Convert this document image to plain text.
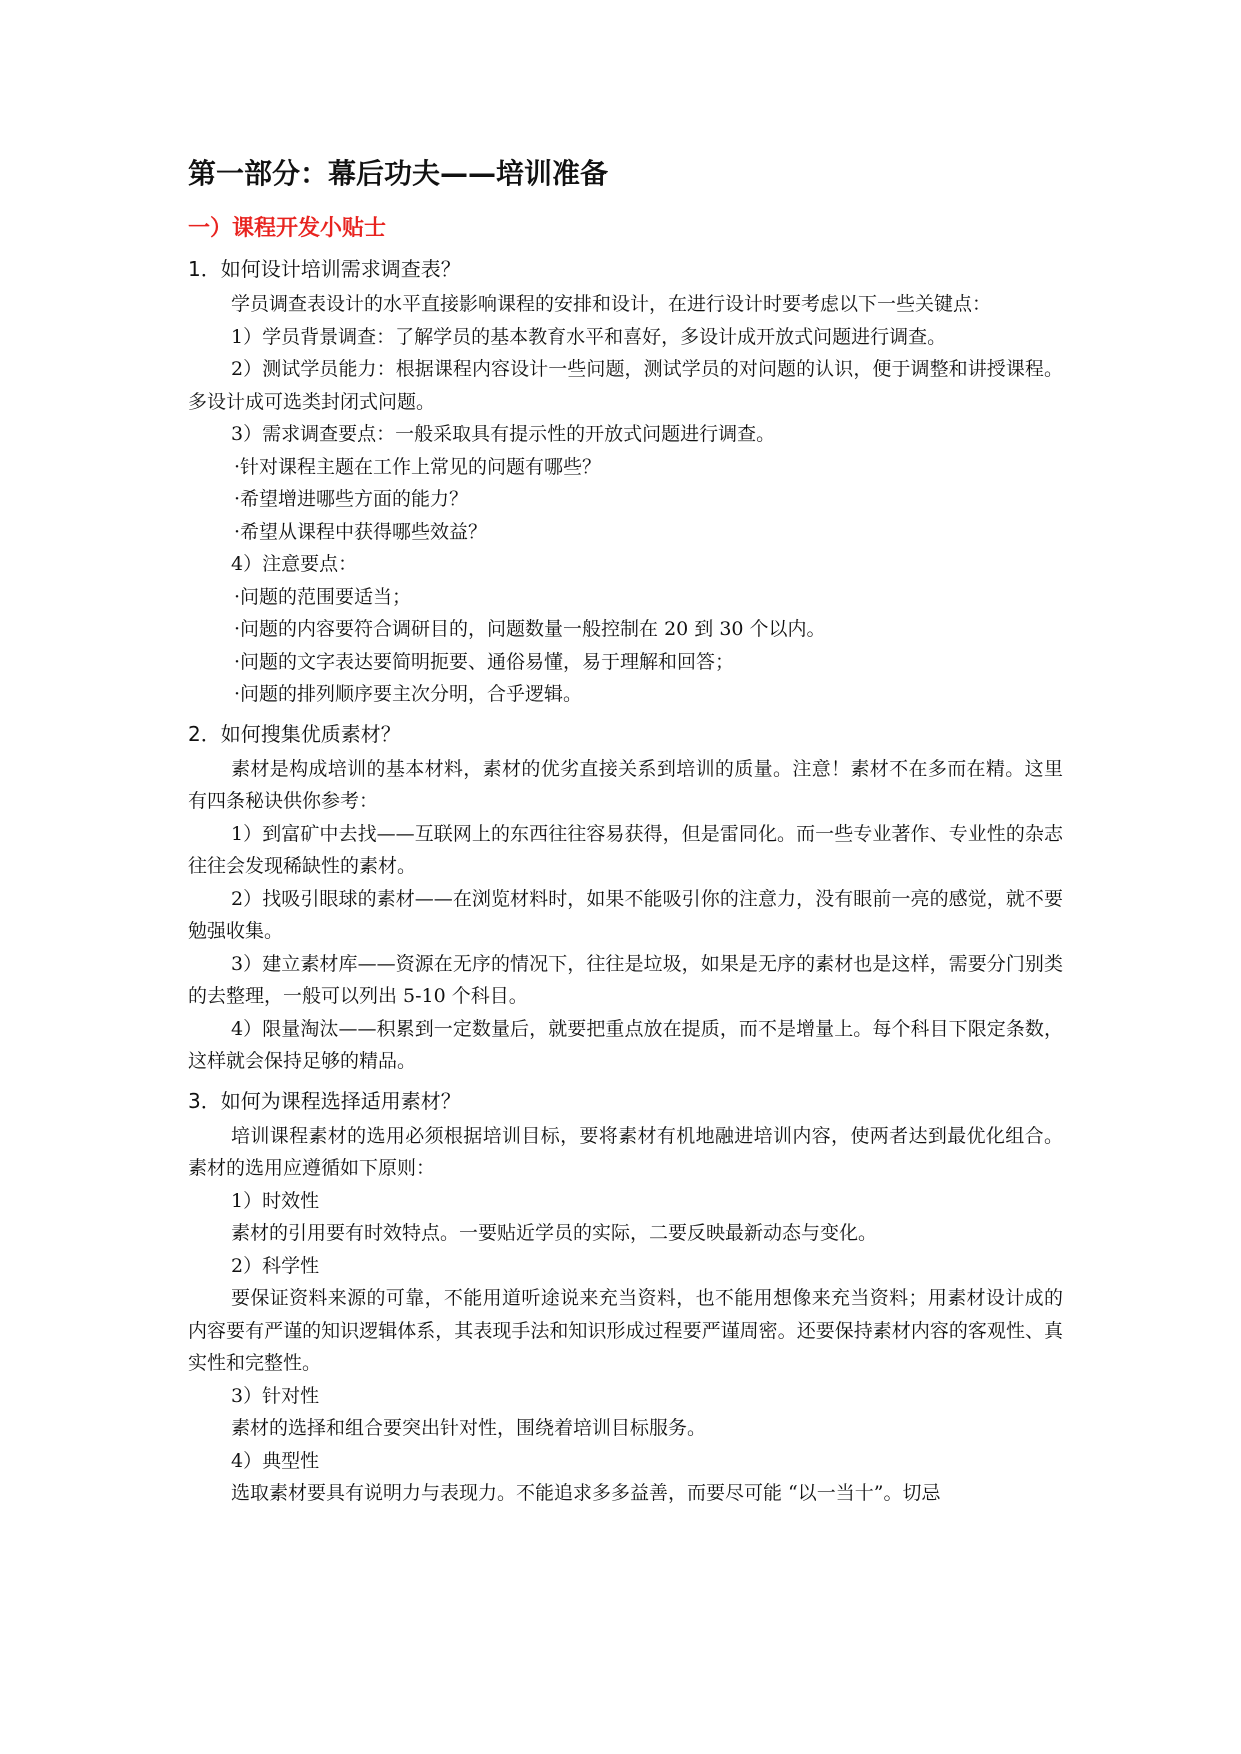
第一部分：幕后功夫——培训准备
一）课程开发小贴士
1．如何设计培训需求调查表？

学员调查表设计的水平直接影响课程的安排和设计，在进行设计时要考虑以下一些关键点：

1）学员背景调查：了解学员的基本教育水平和喜好，多设计成开放式问题进行调查。

2）测试学员能力：根据课程内容设计一些问题，测试学员的对问题的认识，便于调整和讲授课程。多设计成可选类封闭式问题。

3）需求调查要点：一般采取具有提示性的开放式问题进行调查。

·针对课程主题在工作上常见的问题有哪些？

·希望增进哪些方面的能力？

·希望从课程中获得哪些效益？

4）注意要点：

·问题的范围要适当；

·问题的内容要符合调研目的，问题数量一般控制在 20 到 30 个以内。

·问题的文字表达要简明扼要、通俗易懂，易于理解和回答；

·问题的排列顺序要主次分明，合乎逻辑。

2．如何搜集优质素材？

素材是构成培训的基本材料，素材的优劣直接关系到培训的质量。注意！素材不在多而在精。这里有四条秘诀供你参考：

1）到富矿中去找——互联网上的东西往往容易获得，但是雷同化。而一些专业著作、专业性的杂志往往会发现稀缺性的素材。

2）找吸引眼球的素材——在浏览材料时，如果不能吸引你的注意力，没有眼前一亮的感觉，就不要勉强收集。

3）建立素材库——资源在无序的情况下，往往是垃圾，如果是无序的素材也是这样，需要分门别类的去整理，一般可以列出 5-10 个科目。

4）限量淘汰——积累到一定数量后，就要把重点放在提质，而不是增量上。每个科目下限定条数，这样就会保持足够的精品。

3．如何为课程选择适用素材？

培训课程素材的选用必须根据培训目标，要将素材有机地融进培训内容，使两者达到最优化组合。素材的选用应遵循如下原则：

1）时效性

素材的引用要有时效特点。一要贴近学员的实际，二要反映最新动态与变化。

2）科学性

要保证资料来源的可靠，不能用道听途说来充当资料，也不能用想像来充当资料；用素材设计成的内容要有严谨的知识逻辑体系，其表现手法和知识形成过程要严谨周密。还要保持素材内容的客观性、真实性和完整性。

3）针对性

素材的选择和组合要突出针对性，围绕着培训目标服务。

4）典型性

选取素材要具有说明力与表现力。不能追求多多益善，而要尽可能 “以一当十”。切忌
